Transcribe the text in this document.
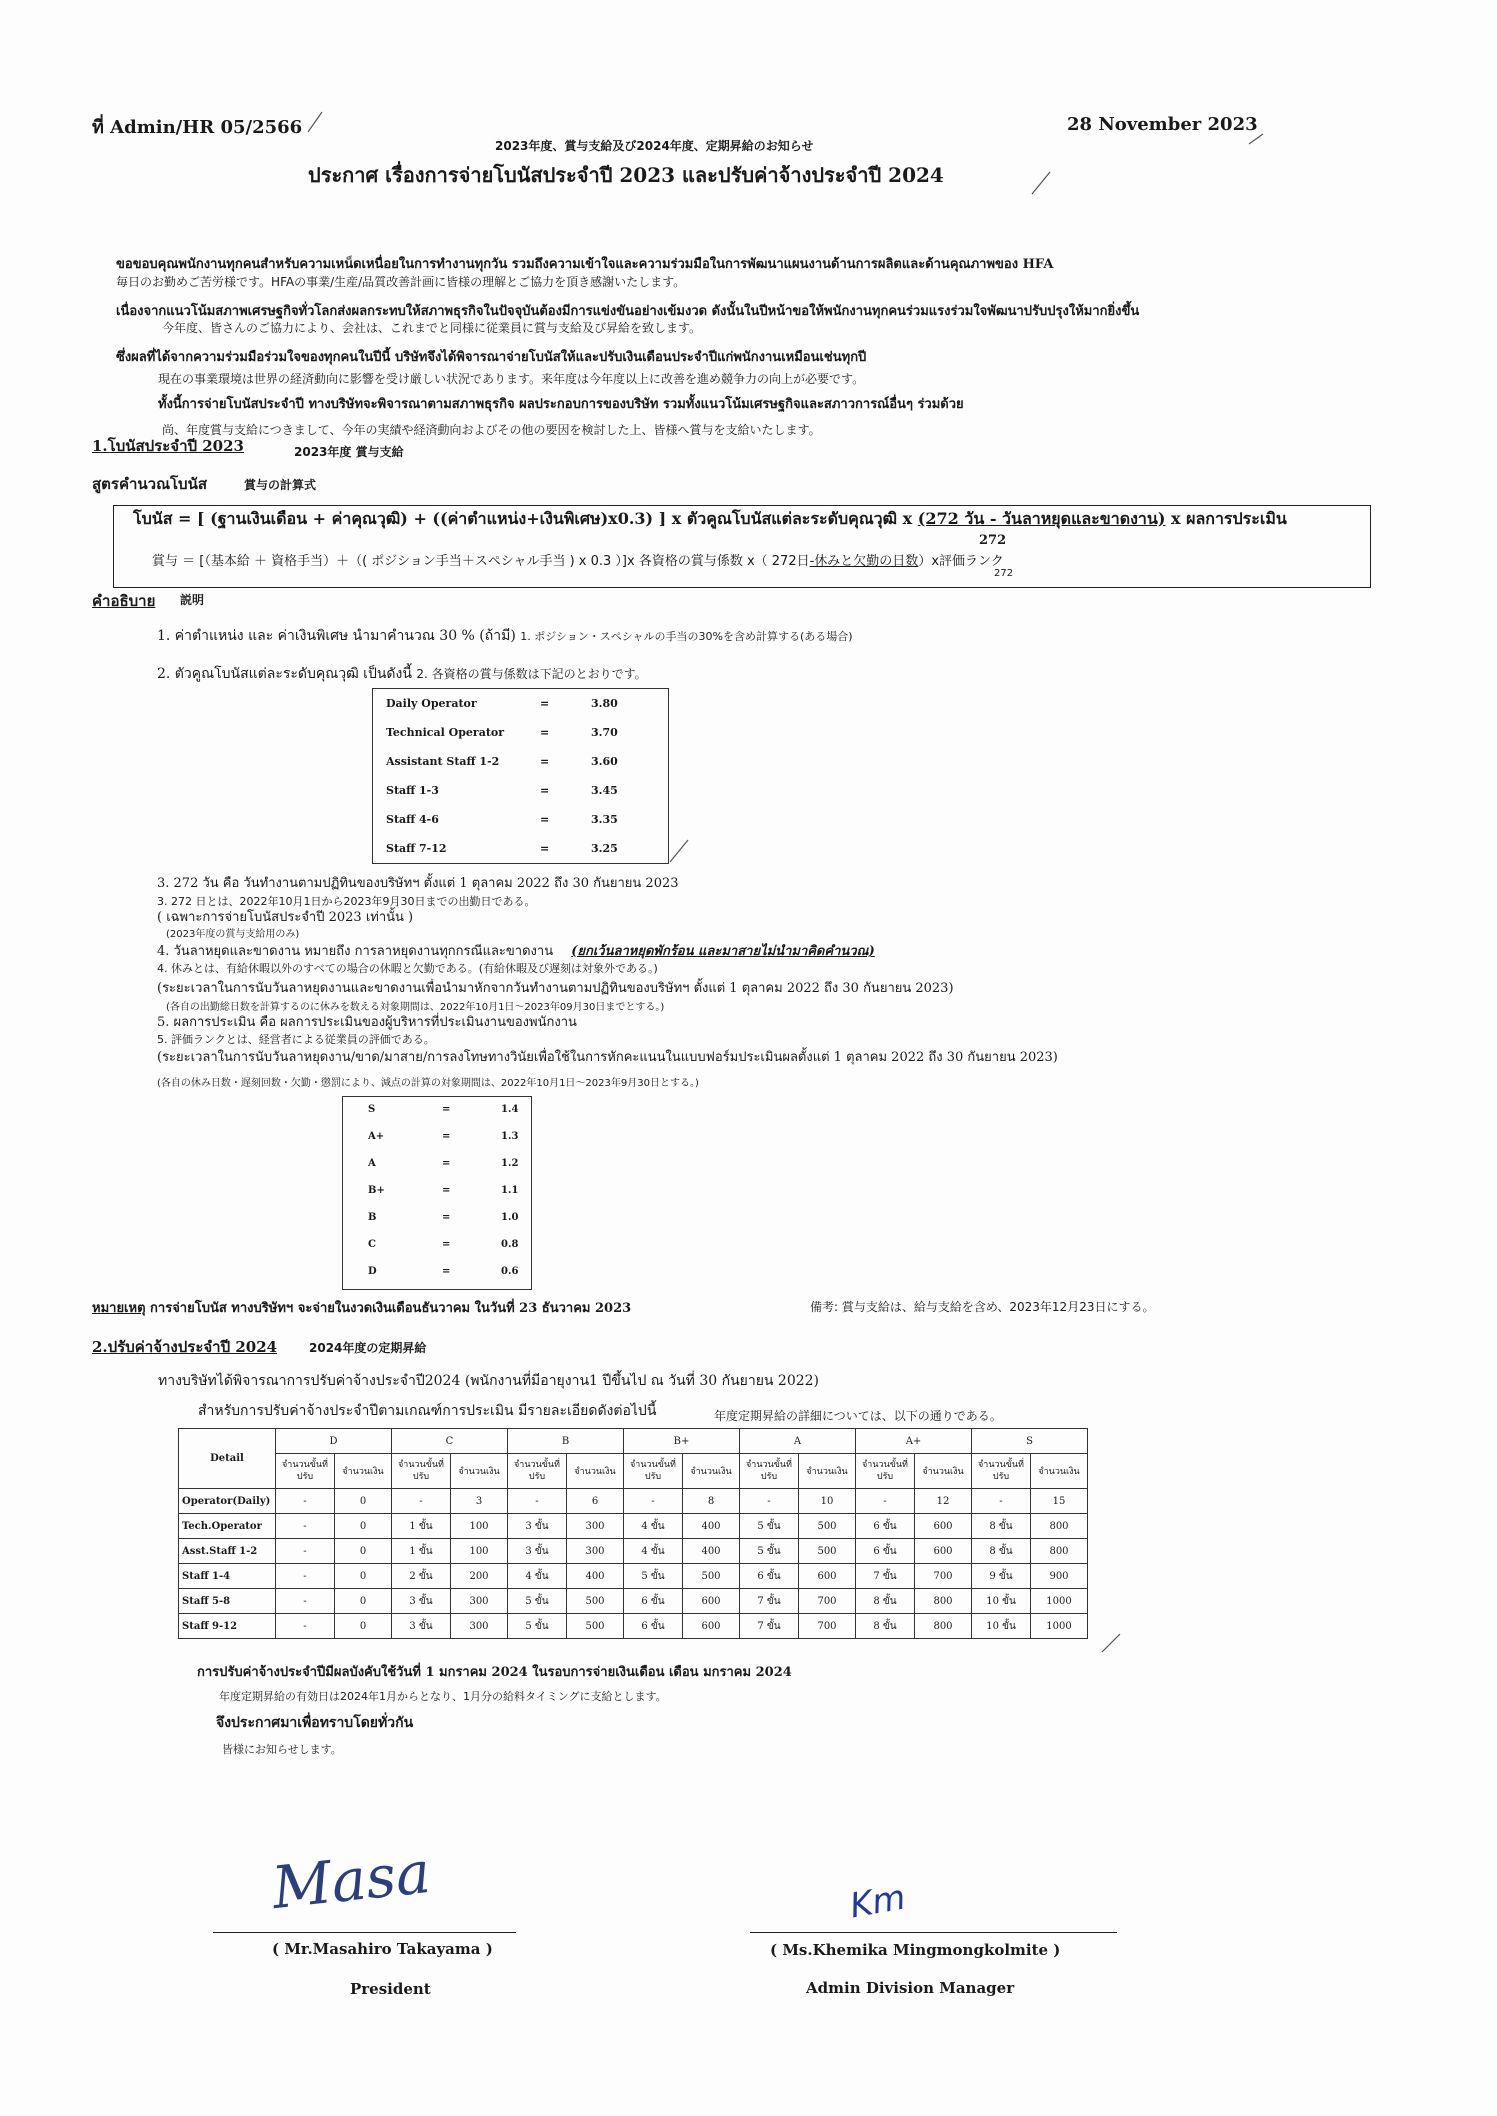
ที่ Admin/HR 05/2566	28 November 2023
2023年度、賞与支給及び2024年度、定期昇給のお知らせ
ประกาศ เรื่องการจ่ายโบนัสประจำปี 2023 และปรับค่าจ้างประจำปี 2024
ขอขอบคุณพนักงานทุกคนสำหรับความเหน็ดเหนื่อยในการทำงานทุกวัน รวมถึงความเข้าใจและความร่วมมือในการพัฒนาแผนงานด้านการผลิตและด้านคุณภาพของ HFA
毎日のお勤めご苦労様です。HFAの事業/生産/品質改善計画に皆様の理解とご協力を頂き感謝いたします。
เนื่องจากแนวโน้มสภาพเศรษฐกิจทั่วโลกส่งผลกระทบให้สภาพธุรกิจในปัจจุบันต้องมีการแข่งขันอย่างเข้มงวด ดังนั้นในปีหน้าขอให้พนักงานทุกคนร่วมแรงร่วมใจพัฒนาปรับปรุงให้มากยิ่งขึ้น
今年度、皆さんのご協力により、会社は、これまでと同様に従業員に賞与支給及び昇給を致します。
ซึ่งผลที่ได้จากความร่วมมือร่วมใจของทุกคนในปีนี้ บริษัทจึงได้พิจารณาจ่ายโบนัสให้และปรับเงินเดือนประจำปีแก่พนักงานเหมือนเช่นทุกปี
現在の事業環境は世界の経済動向に影響を受け厳しい状況であります。来年度は今年度以上に改善を進め競争力の向上が必要です。
ทั้งนี้การจ่ายโบนัสประจำปี ทางบริษัทจะพิจารณาตามสภาพธุรกิจ ผลประกอบการของบริษัท รวมทั้งแนวโน้มเศรษฐกิจและสภาวการณ์อื่นๆ ร่วมด้วย
尚、年度賞与支給につきまして、今年の実績や経済動向およびその他の要因を検討した上、皆様へ賞与を支給いたします。
1.โบนัสประจำปี 2023	2023年度 賞与支給
สูตรคำนวณโบนัส	賞与の計算式
โบนัส = [ (ฐานเงินเดือน + ค่าคุณวุฒิ) + ((ค่าตำแหน่ง+เงินพิเศษ)x0.3) ] x ตัวคูณโบนัสแต่ละระดับคุณวุฒิ x (272 วัน - วันลาหยุดและขาดงาน) x ผลการประเมิน
272
賞与 ＝ [（基本給 ＋ 資格手当）＋（( ポジション手当＋スペシャル手当 ) x 0.3 ）]x 各資格の賞与係数 x（ 272日-休みと欠勤の日数）x評価ランク
272
คำอธิบาย 説明
1. ค่าตำแหน่ง และ ค่าเงินพิเศษ นำมาคำนวณ 30 % (ถ้ามี) 1. ポジション・スペシャルの手当の30%を含め計算する(ある場合)
2. ตัวคูณโบนัสแต่ละระดับคุณวุฒิ เป็นดังนี้ 2. 各資格の賞与係数は下記のとおりです。
Daily Operator	=	3.80
Technical Operator	=	3.70
Assistant Staff 1-2	=	3.60
Staff 1-3	=	3.45
Staff 4-6	=	3.35
Staff 7-12	=	3.25
3. 272 วัน คือ วันทำงานตามปฏิทินของบริษัทฯ ตั้งแต่ 1 ตุลาคม 2022 ถึง 30 กันยายน 2023
3. 272 日とは、2022年10月1日から2023年9月30日までの出勤日である。
( เฉพาะการจ่ายโบนัสประจำปี 2023 เท่านั้น )
(2023年度の賞与支給用のみ)
4. วันลาหยุดและขาดงาน หมายถึง การลาหยุดงานทุกกรณีและขาดงาน (ยกเว้นลาหยุดพักร้อน และมาสายไม่นำมาคิดคำนวณ)
4. 休みとは、有給休暇以外のすべての場合の休暇と欠勤である。(有給休暇及び遅刻は対象外である。)
(ระยะเวลาในการนับวันลาหยุดงานและขาดงานเพื่อนำมาหักจากวันทำงานตามปฏิทินของบริษัทฯ ตั้งแต่ 1 ตุลาคม 2022 ถึง 30 กันยายน 2023)
(各自の出勤総日数を計算するのに休みを数える対象期間は、2022年10月1日～2023年09月30日までとする。)
5. ผลการประเมิน คือ ผลการประเมินของผู้บริหารที่ประเมินงานของพนักงาน
5. 評価ランクとは、経営者による従業員の評価である。
(ระยะเวลาในการนับวันลาหยุดงาน/ขาด/มาสาย/การลงโทษทางวินัยเพื่อใช้ในการหักคะแนนในแบบฟอร์มประเมินผลตั้งแต่ 1 ตุลาคม 2022 ถึง 30 กันยายน 2023)
(各自の休み日数・遅刻回数・欠勤・懲罰により、減点の計算の対象期間は、2022年10月1日～2023年9月30日とする。)
S	=	1.4
A+	=	1.3
A	=	1.2
B+	=	1.1
B	=	1.0
C	=	0.8
D	=	0.6
หมายเหตุ การจ่ายโบนัส ทางบริษัทฯ จะจ่ายในงวดเงินเดือนธันวาคม ในวันที่ 23 ธันวาคม 2023	備考: 賞与支給は、給与支給を含め、2023年12月23日にする。
2.ปรับค่าจ้างประจำปี 2024	2024年度の定期昇給
ทางบริษัทได้พิจารณาการปรับค่าจ้างประจำปี2024 (พนักงานที่มีอายุงาน1 ปีขึ้นไป ณ วันที่ 30 กันยายน 2022)
สำหรับการปรับค่าจ้างประจำปีตามเกณฑ์การประเมิน มีรายละเอียดดังต่อไปนี้	年度定期昇給の詳細については、以下の通りである。
Detail	D		C		B		B+		A		A+		S	
	จำนวนขั้นที่ปรับ	จำนวนเงิน	จำนวนขั้นที่ปรับ	จำนวนเงิน	จำนวนขั้นที่ปรับ	จำนวนเงิน	จำนวนขั้นที่ปรับ	จำนวนเงิน	จำนวนขั้นที่ปรับ	จำนวนเงิน	จำนวนขั้นที่ปรับ	จำนวนเงิน	จำนวนขั้นที่ปรับ	จำนวนเงิน
Operator(Daily)	-	0	-	3	-	6	-	8	-	10	-	12	-	15
Tech.Operator	-	0	1 ขั้น	100	3 ขั้น	300	4 ขั้น	400	5 ขั้น	500	6 ขั้น	600	8 ขั้น	800
Asst.Staff 1-2	-	0	1 ขั้น	100	3 ขั้น	300	4 ขั้น	400	5 ขั้น	500	6 ขั้น	600	8 ขั้น	800
Staff 1-4	-	0	2 ขั้น	200	4 ขั้น	400	5 ขั้น	500	6 ขั้น	600	7 ขั้น	700	9 ขั้น	900
Staff 5-8	-	0	3 ขั้น	300	5 ขั้น	500	6 ขั้น	600	7 ขั้น	700	8 ขั้น	800	10 ขั้น	1000
Staff 9-12	-	0	3 ขั้น	300	5 ขั้น	500	6 ขั้น	600	7 ขั้น	700	8 ขั้น	800	10 ขั้น	1000
การปรับค่าจ้างประจำปีมีผลบังคับใช้วันที่ 1 มกราคม 2024 ในรอบการจ่ายเงินเดือน เดือน มกราคม 2024
年度定期昇給の有効日は2024年1月からとなり、1月分の給料タイミングに支給とします。
จึงประกาศมาเพื่อทราบโดยทั่วกัน
皆様にお知らせします。
Masa
( Mr.Masahiro Takayama )
President
Km
( Ms.Khemika Mingmongkolmite )
Admin Division Manager
